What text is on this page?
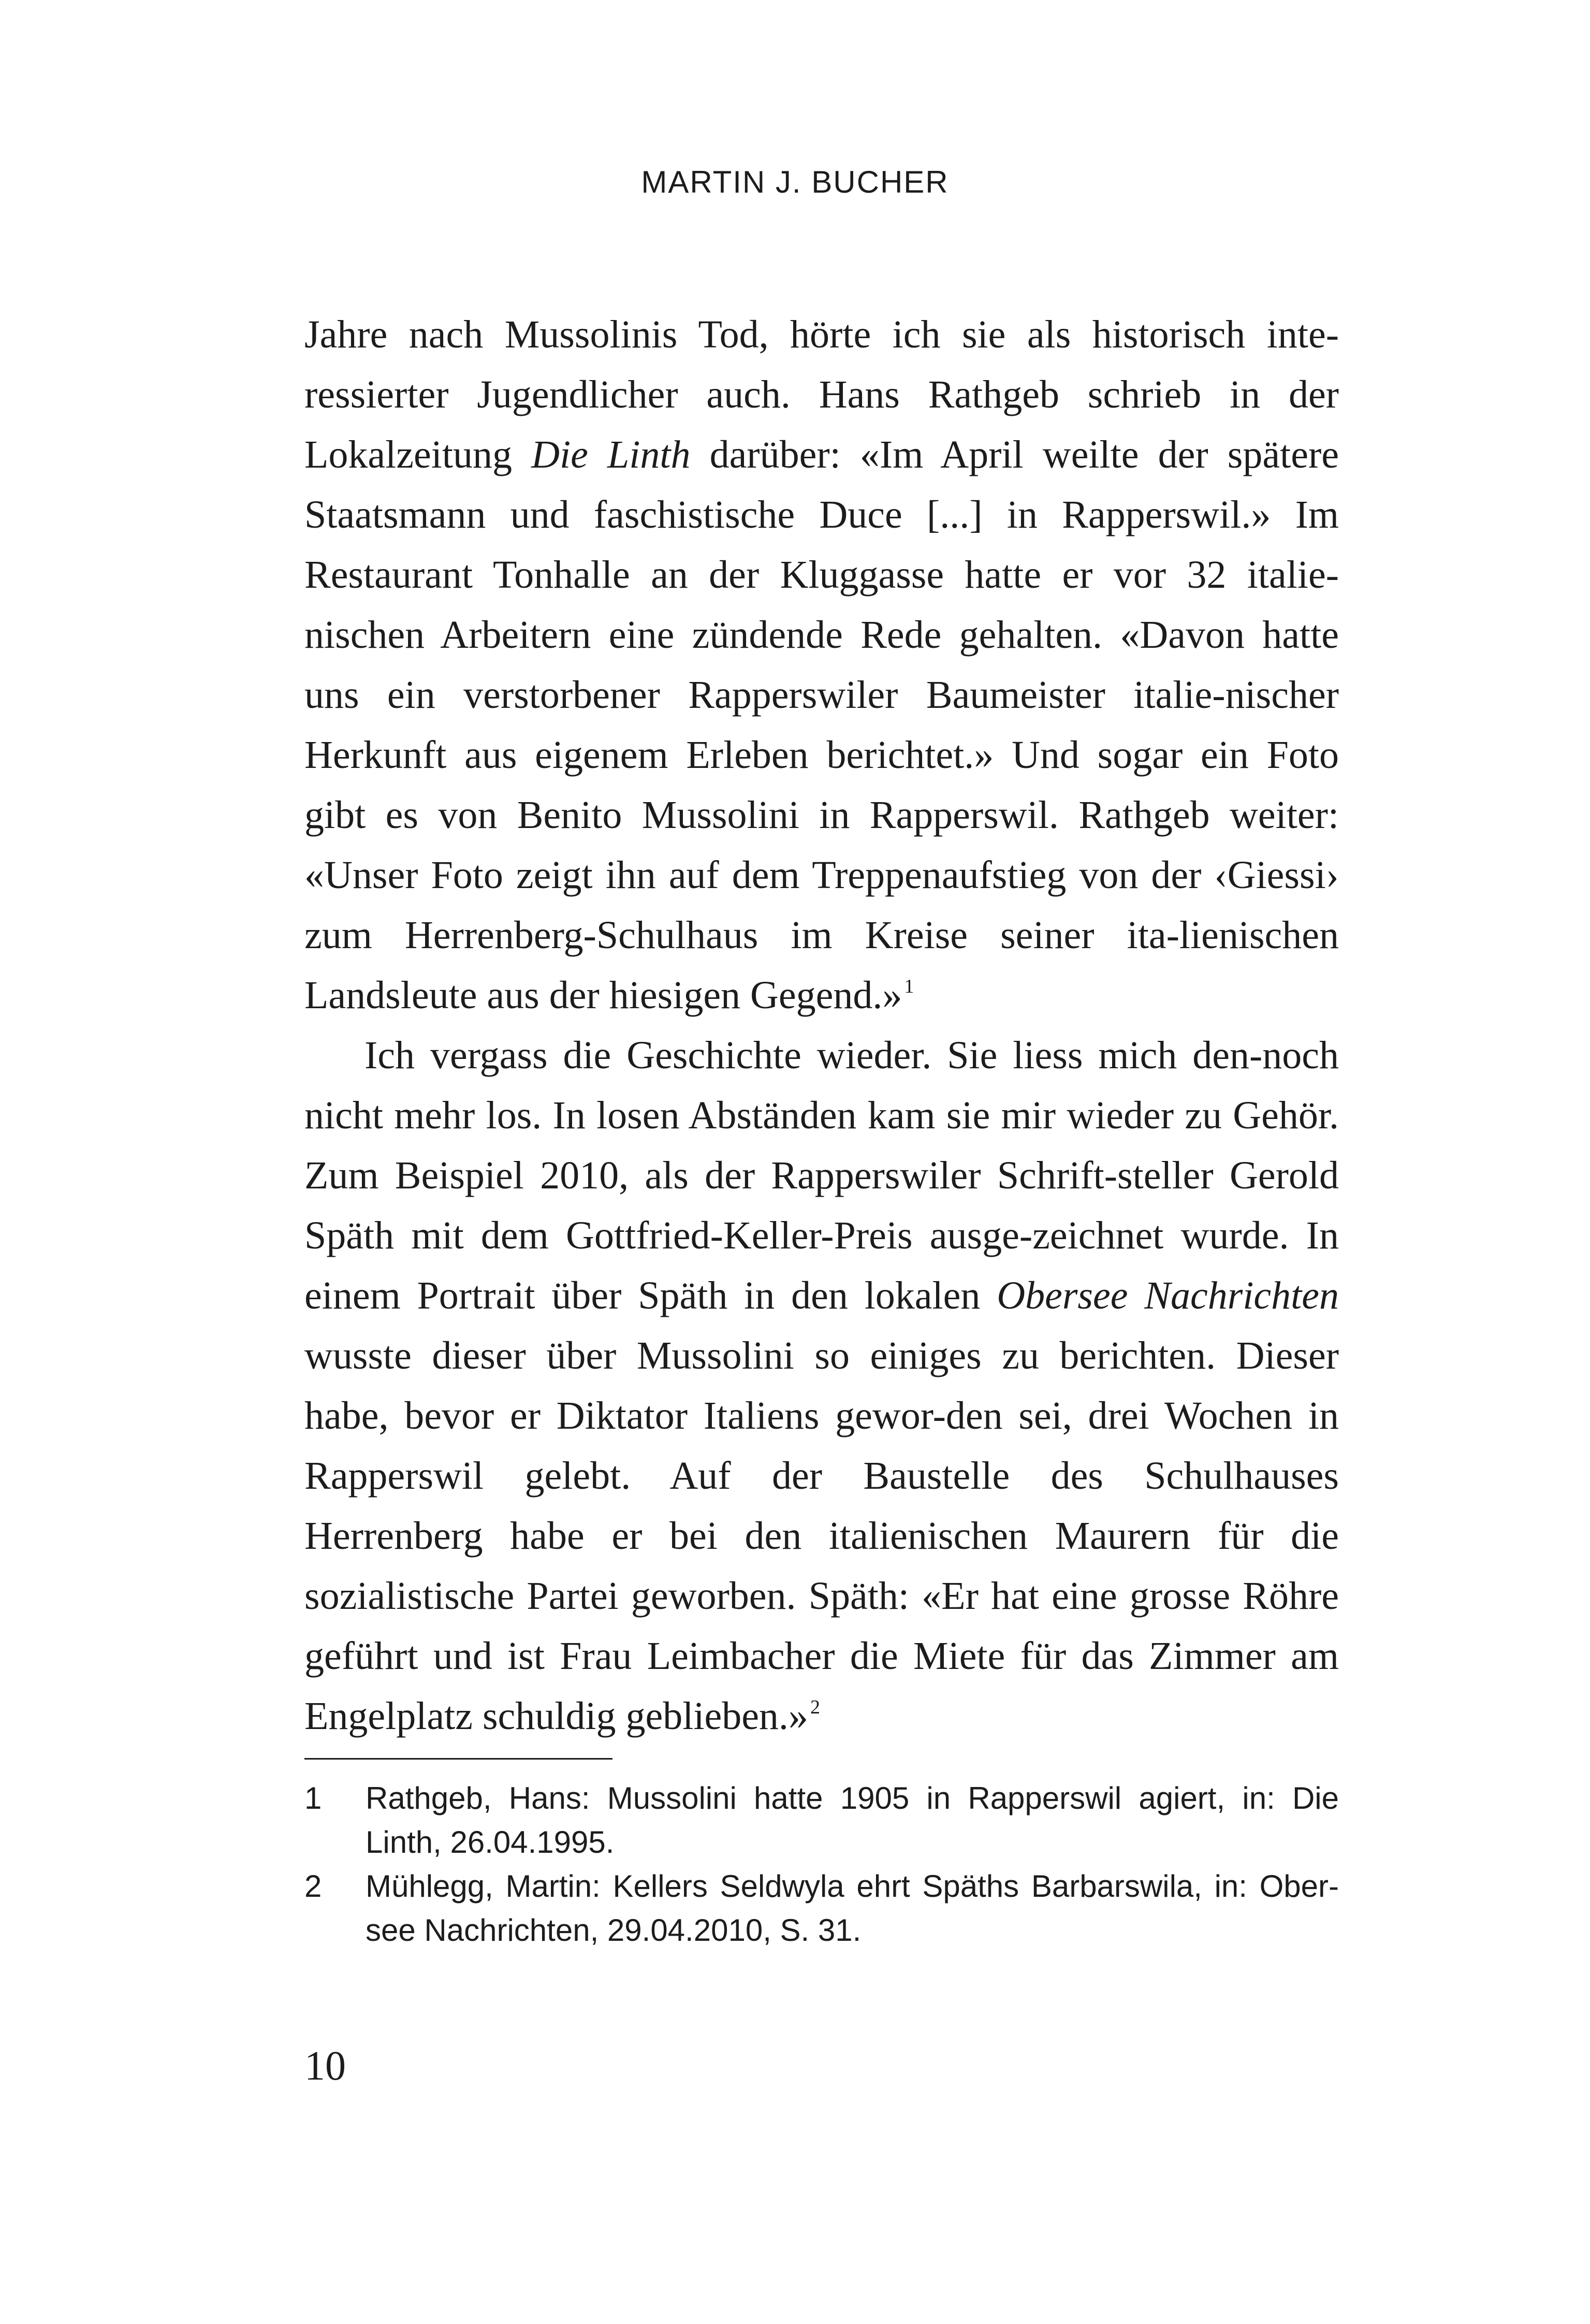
MARTIN J. BUCHER

Jahre nach Mussolinis Tod, hörte ich sie als historisch inte-ressierter Jugendlicher auch. Hans Rathgeb schrieb in der Lokalzeitung Die Linth darüber: «Im April weilte der spätere Staatsmann und faschistische Duce [...] in Rapperswil.» Im Restaurant Tonhalle an der Kluggasse hatte er vor 32 italie-nischen Arbeitern eine zündende Rede gehalten. «Davon hatte uns ein verstorbener Rapperswiler Baumeister italie-nischer Herkunft aus eigenem Erleben berichtet.» Und sogar ein Foto gibt es von Benito Mussolini in Rapperswil. Rathgeb weiter: «Unser Foto zeigt ihn auf dem Treppenaufstieg von der ‹Giessi› zum Herrenberg-Schulhaus im Kreise seiner ita-lienischen Landsleute aus der hiesigen Gegend.» $^1$

Ich vergass die Geschichte wieder. Sie liess mich den-noch nicht mehr los. In losen Abständen kam sie mir wieder zu Gehör. Zum Beispiel 2010, als der Rapperswiler Schrift-steller Gerold Späth mit dem Gottfried-Keller-Preis ausge-zeichnet wurde. In einem Portrait über Späth in den lokalen Obersee Nachrichten wusste dieser über Mussolini so einiges zu berichten. Dieser habe, bevor er Diktator Italiens gewor-den sei, drei Wochen in Rapperswil gelebt. Auf der Baustelle des Schulhauses Herrenberg habe er bei den italienischen Maurern für die sozialistische Partei geworben. Späth: «Er hat eine grosse Röhre geführt und ist Frau Leimbacher die Miete für das Zimmer am Engelplatz schuldig geblieben.» $^2$

1	Rathgeb, Hans: Mussolini hatte 1905 in Rapperswil agiert, in: Die Linth, 26.04.1995.
2	Mühlegg, Martin: Kellers Seldwyla ehrt Späths Barbarswila, in: Ober-see Nachrichten, 29.04.2010, S. 31.
10
